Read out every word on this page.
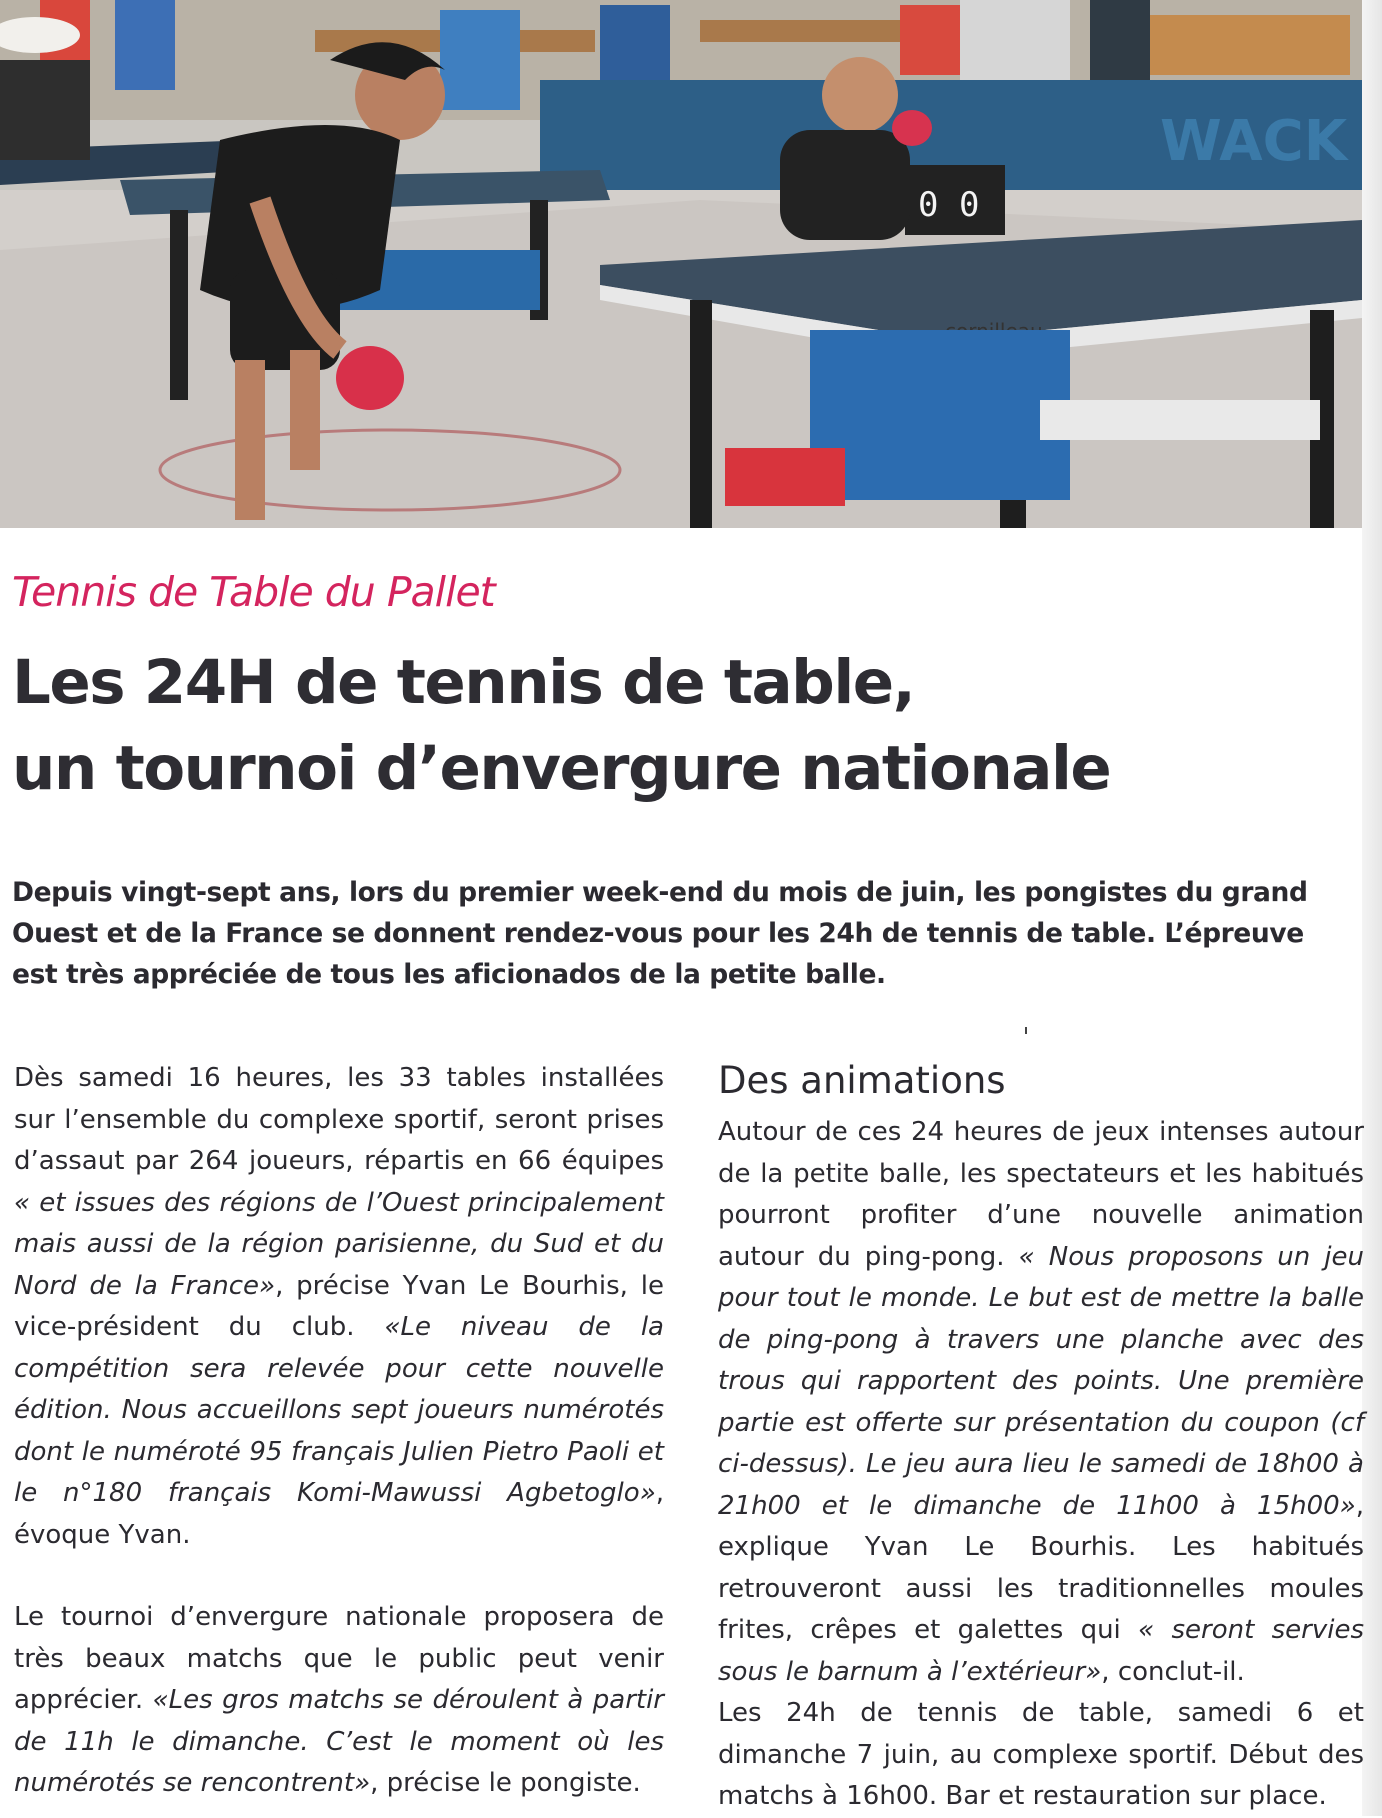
WACK
0 0
Tennis de Table du Pallet
Les 24H de tennis de table,
un tournoi d’envergure nationale

Depuis vingt-sept ans, lors du premier week-end du mois de juin, les pongistes du grand Ouest et de la France se donnent rendez-vous pour les 24h de tennis de table. L’épreuve est très appréciée de tous les aficionados de la petite balle.

Dès samedi 16 heures, les 33 tables installées sur l’ensemble du complexe sportif, seront prises d’assaut par 264 joueurs, répartis en 66 équipes « et issues des régions de l’Ouest principalement mais aussi de la région parisienne, du Sud et du Nord de la France», précise Yvan Le Bourhis, le vice-président du club. «Le niveau de la compétition sera relevée pour cette nouvelle édition. Nous accueillons sept joueurs numérotés dont le numéroté 95 français Julien Pietro Paoli et le n°180 français Komi-Mawussi Agbetoglo», évoque Yvan.

Le tournoi d’envergure nationale proposera de très beaux matchs que le public peut venir apprécier. «Les gros matchs se déroulent à partir de 11h le dimanche. C’est le moment où les numérotés se rencontrent», précise le pongiste.

Des animations

Autour de ces 24 heures de jeux intenses autour de la petite balle, les spectateurs et les habitués pourront profiter d’une nouvelle animation autour du ping-pong. « Nous proposons un jeu pour tout le monde. Le but est de mettre la balle de ping-pong à travers une planche avec des trous qui rapportent des points. Une première partie est offerte sur présentation du coupon (cf ci-dessus). Le jeu aura lieu le samedi de 18h00 à 21h00 et le dimanche de 11h00 à 15h00», explique Yvan Le Bourhis. Les habitués retrouveront aussi les traditionnelles moules frites, crêpes et galettes qui « seront servies sous le barnum à l’extérieur», conclut-il.

Les 24h de tennis de table, samedi 6 et dimanche 7 juin, au complexe sportif. Début des matchs à 16h00. Bar et restauration sur place.
